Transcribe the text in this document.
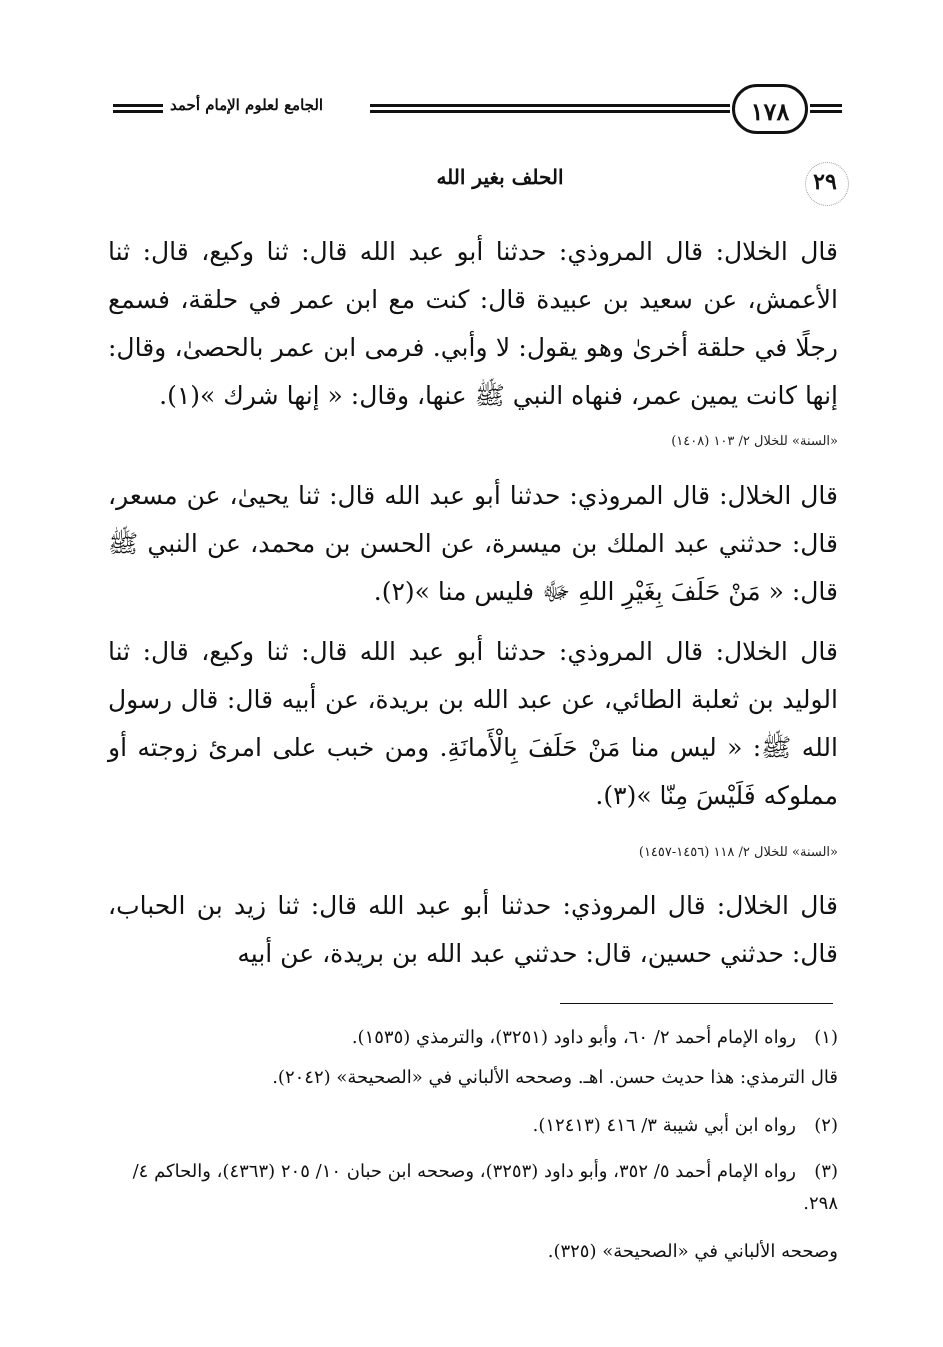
الجامع لعلوم الإمام أحمد	١٧٨
٢٩
الحلف بغير الله
قال الخلال: قال المروذي: حدثنا أبو عبد الله قال: ثنا وكيع، قال: ثنا الأعمش، عن سعيد بن عبيدة قال: كنت مع ابن عمر في حلقة، فسمع رجلًا في حلقة أخرىٰ وهو يقول: لا وأبي. فرمى ابن عمر بالحصىٰ، وقال: إنها كانت يمين عمر، فنهاه النبي ﷺ عنها، وقال: « إنها شرك »(١).
«السنة» للخلال ٢/ ١٠٣ (١٤٠٨)
قال الخلال: قال المروذي: حدثنا أبو عبد الله قال: ثنا يحيىٰ، عن مسعر، قال: حدثني عبد الملك بن ميسرة، عن الحسن بن محمد، عن النبي ﷺ قال: « مَنْ حَلَفَ بِغَيْرِ اللهِ ﷻ فليس منا »(٢).
قال الخلال: قال المروذي: حدثنا أبو عبد الله قال: ثنا وكيع، قال: ثنا الوليد بن ثعلبة الطائي، عن عبد الله بن بريدة، عن أبيه قال: قال رسول الله ﷺ: « ليس منا مَنْ حَلَفَ بِالْأَمانَةِ. ومن خبب على امرئ زوجته أو مملوكه فَلَيْسَ مِنّا »(٣).
«السنة» للخلال ٢/ ١١٨ (١٤٥٦-١٤٥٧)
قال الخلال: قال المروذي: حدثنا أبو عبد الله قال: ثنا زيد بن الحباب، قال: حدثني حسين، قال: حدثني عبد الله بن بريدة، عن أبيه
(١)رواه الإمام أحمد ٢/ ٦٠، وأبو داود (٣٢٥١)، والترمذي (١٥٣٥).
قال الترمذي: هذا حديث حسن. اهـ. وصححه الألباني في «الصحيحة» (٢٠٤٢).
(٢)رواه ابن أبي شيبة ٣/ ٤١٦ (١٢٤١٣).
(٣)رواه الإمام أحمد ٥/ ٣٥٢، وأبو داود (٣٢٥٣)، وصححه ابن حبان ١٠/ ٢٠٥ (٤٣٦٣)، والحاكم ٤/ ٢٩٨.
وصححه الألباني في «الصحيحة» (٣٢٥).
